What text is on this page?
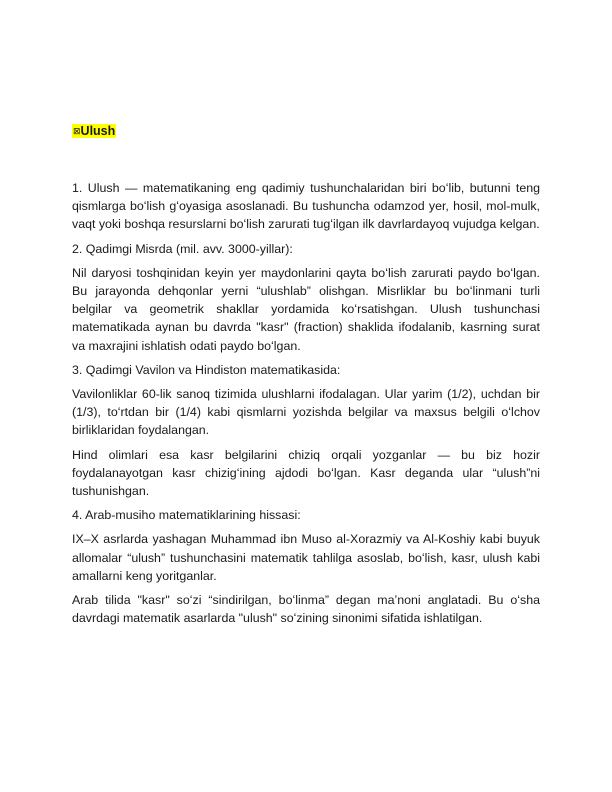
⊠Ulush

1. Ulush — matematikaning eng qadimiy tushunchalaridan biri boʻlib, butunni teng qismlarga boʻlish gʻoyasiga asoslanadi. Bu tushuncha odamzod yer, hosil, mol-mulk, vaqt yoki boshqa resurslarni boʻlish zarurati tugʻilgan ilk davrlardayoq vujudga kelgan.

2. Qadimgi Misrda (mil. avv. 3000-yillar):

Nil daryosi toshqinidan keyin yer maydonlarini qayta boʻlish zarurati paydo boʻlgan. Bu jarayonda dehqonlar yerni “ulushlab” olishgan. Misrliklar bu boʻlinmani turli belgilar va geometrik shakllar yordamida koʻrsatishgan. Ulush tushunchasi matematikada aynan bu davrda "kasr" (fraction) shaklida ifodalanib, kasrning surat va maxrajini ishlatish odati paydo boʻlgan.

3. Qadimgi Vavilon va Hindiston matematikasida:

Vavilonliklar 60-lik sanoq tizimida ulushlarni ifodalagan. Ular yarim (1/2), uchdan bir (1/3), toʻrtdan bir (1/4) kabi qismlarni yozishda belgilar va maxsus belgili oʻlchov birliklaridan foydalangan.

Hind olimlari esa kasr belgilarini chiziq orqali yozganlar — bu biz hozir foydalanayotgan kasr chizigʻining ajdodi boʻlgan. Kasr deganda ular “ulush”ni tushunishgan.

4. Arab-musiho matematiklarining hissasi:

IX–X asrlarda yashagan Muhammad ibn Muso al-Xorazmiy va Al-Koshiy kabi buyuk allomalar “ulush” tushunchasini matematik tahlilga asoslab, boʻlish, kasr, ulush kabi amallarni keng yoritganlar.

Arab tilida "kasr" soʻzi “sindirilgan, boʻlinma” degan maʼnoni anglatadi. Bu oʻsha davrdagi matematik asarlarda "ulush" soʻzining sinonimi sifatida ishlatilgan.
